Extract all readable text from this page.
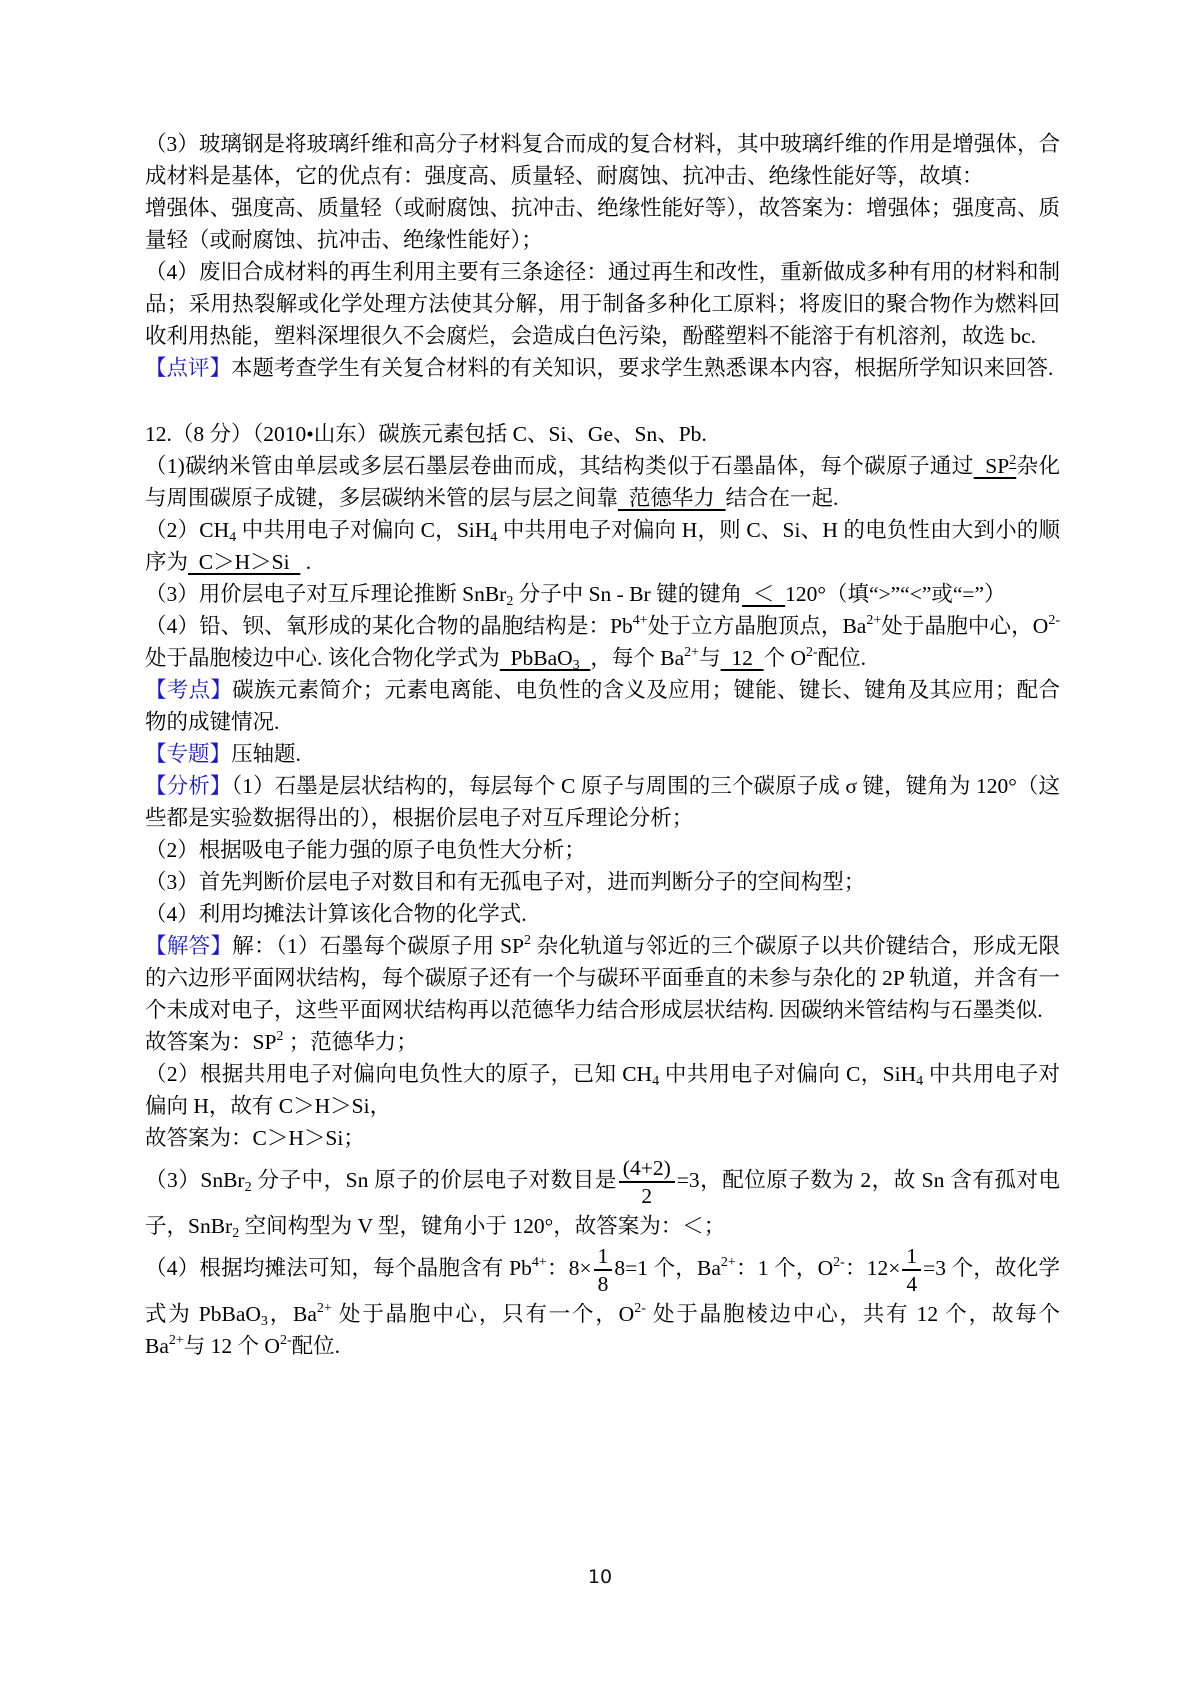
（3）玻璃钢是将玻璃纤维和高分子材料复合而成的复合材料，其中玻璃纤维的作用是增强体，合成材料是基体，它的优点有：强度高、质量轻、耐腐蚀、抗冲击、绝缘性能好等，故填：

增强体、强度高、质量轻（或耐腐蚀、抗冲击、绝缘性能好等），故答案为：增强体；强度高、质量轻（或耐腐蚀、抗冲击、绝缘性能好）；

（4）废旧合成材料的再生利用主要有三条途径：通过再生和改性，重新做成多种有用的材料和制品；采用热裂解或化学处理方法使其分解，用于制备多种化工原料；将废旧的聚合物作为燃料回收利用热能，塑料深埋很久不会腐烂，会造成白色污染，酚醛塑料不能溶于有机溶剂，故选 bc.

【点评】本题考查学生有关复合材料的有关知识，要求学生熟悉课本内容，根据所学知识来回答.

12.（8 分）（2010•山东）碳族元素包括 C、Si、Ge、Sn、Pb.

（1)碳纳米管由单层或多层石墨层卷曲而成，其结构类似于石墨晶体，每个碳原子通过  $SP^2$杂化与周围碳原子成键，多层碳纳米管的层与层之间靠  范德华力  结合在一起.

$(2)CH_4$ 中共用电子对偏向 C，SiH$_4$ 中共用电子对偏向 H，则 C、Si、H 的电负性由大到小的顺序为  C＞H＞Si   .

（3）用价层电子对互斥理论推断 SnBr$_2$ 分子中 Sn - Br 键的键角  ＜  120°（填“>”“<”或“=”）

（4）铅、钡、氧形成的某化合物的晶胞结构是：$Pb^{4+}$处于立方晶胞顶点，$Ba^{2+}$处于晶胞中心，$O^{2-}$处于晶胞棱边中心. 该化合物化学式为  PbBaO$_3$ ，每个 $Ba^{2+}$与  12  个 $O^{2-}$配位.

【考点】碳族元素简介；元素电离能、电负性的含义及应用；键能、键长、键角及其应用；配合物的成键情况.

【专题】压轴题.

【分析】（1）石墨是层状结构的，每层每个 C 原子与周围的三个碳原子成 σ 键，键角为 120°（这些都是实验数据得出的），根据价层电子对互斥理论分析；

（2）根据吸电子能力强的原子电负性大分析；

（3）首先判断价层电子对数目和有无孤电子对，进而判断分子的空间构型；

（4）利用均摊法计算该化合物的化学式.

【解答】解：（1）石墨每个碳原子用 $SP^2$ 杂化轨道与邻近的三个碳原子以共价键结合，形成无限的六边形平面网状结构，每个碳原子还有一个与碳环平面垂直的未参与杂化的 2P 轨道，并含有一个未成对电子，这些平面网状结构再以范德华力结合形成层状结构. 因碳纳米管结构与石墨类似.

故答案为：$SP^2$ ；范德华力；

（2）根据共用电子对偏向电负性大的原子，已知 $CH_4$ 中共用电子对偏向 C，SiH$_4$ 中共用电子对偏向 H，故有 C＞H＞Si，

故答案为：C＞H＞Si；

（3）SnBr$_2$ 分子中，Sn 原子的价层电子对数目是 $\frac{(4+2)}{2} =3$，配位原子数为 2，故 Sn 含有孤对电子，SnBr$_2$ 空间构型为 V 型，键角小于 120°，故答案为：＜；

（4）根据均摊法可知，每个晶胞含有 $Pb^{4+}$：$8\times \frac{1}{8} 8=1$ 个，$Ba^{2+}$：1 个，$O^{2-}$：$12\times \frac{1}{4} =3$ 个，故化学式为 PbBaO$_3$，$Ba^{2+}$ 处于晶胞中心，只有一个，$O^{2-}$ 处于晶胞棱边中心，共有 12 个，故每个 $Ba^{2+}$与 12 个 $O^{2-}$配位.

10
